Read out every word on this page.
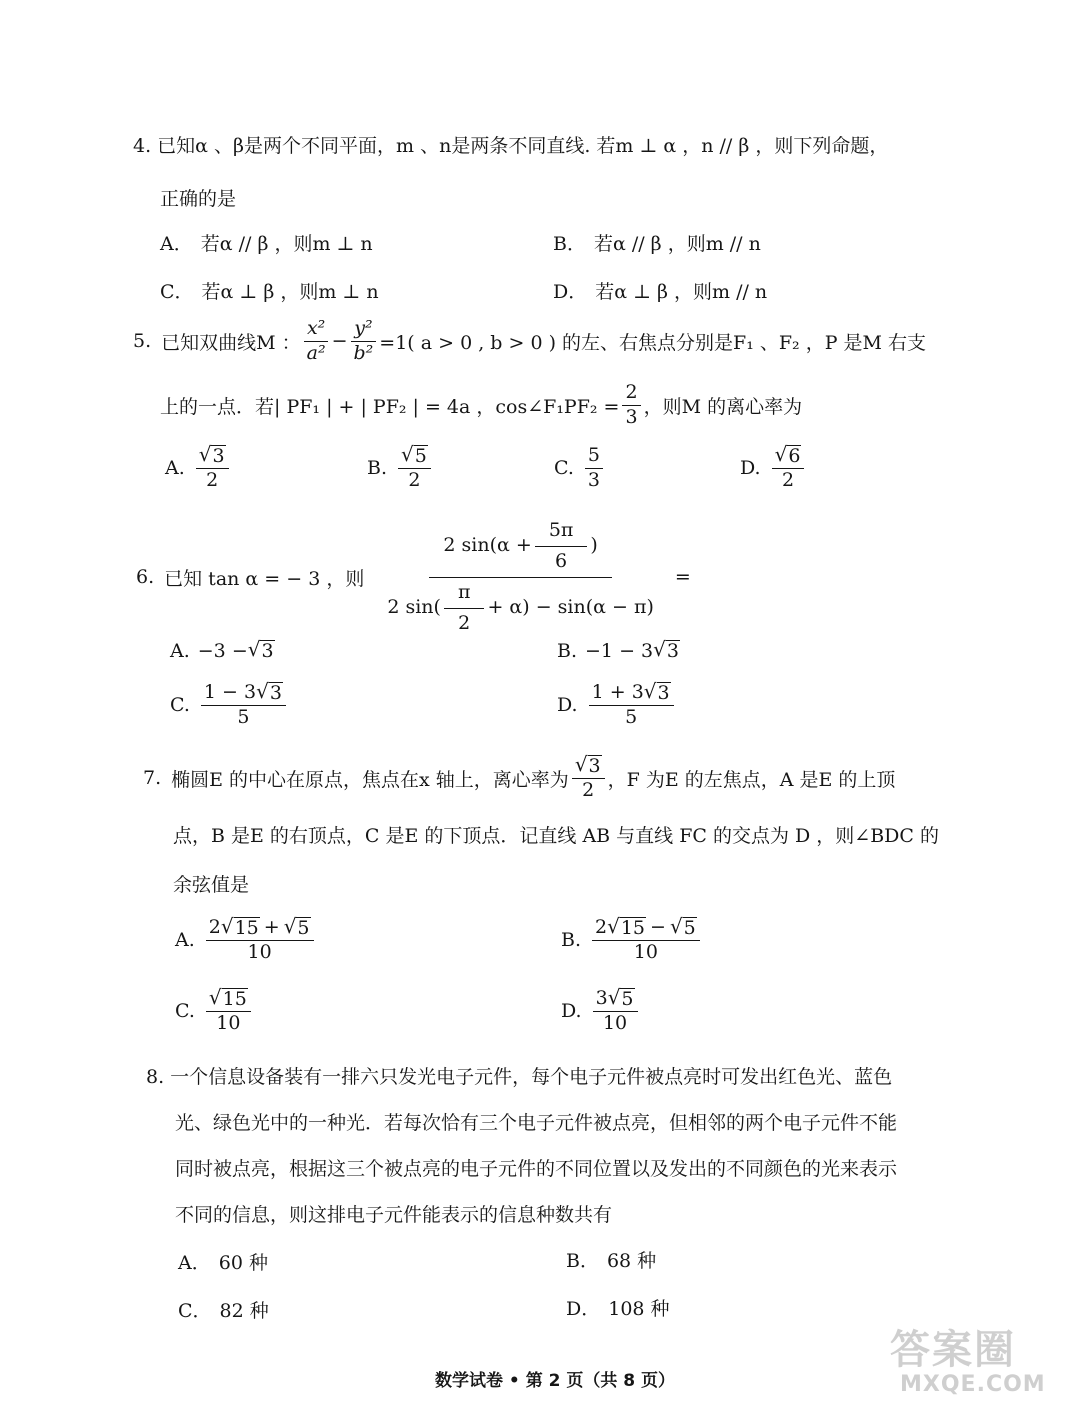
4. 已知α 、β是两个不同平面，m 、n是两条不同直线. 若m ⊥ α ，n // β ，则下列命题，
正确的是
A． 若α // β ，则m ⊥ n	B． 若α // β ，则m // n
C． 若α ⊥ β ，则m ⊥ n	D． 若α ⊥ β ，则m // n
5. 已知双曲线M ： $\frac{\text{x²}}{\text{a²}} - \frac{\text{y²}}{\text{b²}} =1$( a > 0 , b > 0 ) 的左、右焦点分别是F₁ 、F₂ ，P 是M 右支
上的一点．若| PF₁ | + | PF₂ | = 4a ，cos∠F₁PF₂ = $\frac{2}{3}$ ，则M 的离心率为
A. $\frac{√ 3}{2}$	B. $\frac{√ 5}{2}$	C. $\frac{5}{3}$	D. $\frac{√ 6}{2}$
6. 已知 tan α = − 3 ，则 $\frac{2 \sin(\alpha + \frac{5\pi}{6} )}{2 \sin( \frac{\pi}{2} + \alpha) - \sin(\alpha - \pi)}$ =
A. −3 − √ 3	B. −1 − 3 √ 3
C. $\frac{1 - 3 √ 3}{5}$	D. $\frac{1 + 3 √ 3}{5}$
7. 椭圆E 的中心在原点，焦点在x 轴上，离心率为 $\frac{√ 3}{2}$ ，F 为E 的左焦点，A 是E 的上顶
点，B 是E 的右顶点，C 是E 的下顶点．记直线 AB 与直线 FC 的交点为 D ，则∠BDC 的
余弦值是
A. $\frac{2 √ 15 + √ 5}{10}$	B. $\frac{2 √ 15 - √ 5}{10}$
C. $\frac{√ 15}{10}$	D. $\frac{3 √ 5}{10}$
8. 一个信息设备装有一排六只发光电子元件，每个电子元件被点亮时可发出红色光、蓝色
光、绿色光中的一种光．若每次恰有三个电子元件被点亮，但相邻的两个电子元件不能
同时被点亮，根据这三个被点亮的电子元件的不同位置以及发出的不同颜色的光来表示
不同的信息，则这排电子元件能表示的信息种数共有
A． 60 种	B． 68 种
C． 82 种	D． 108 种
数学试卷 • 第 2 页（共 8 页）
答案圈
MXQE.COM
